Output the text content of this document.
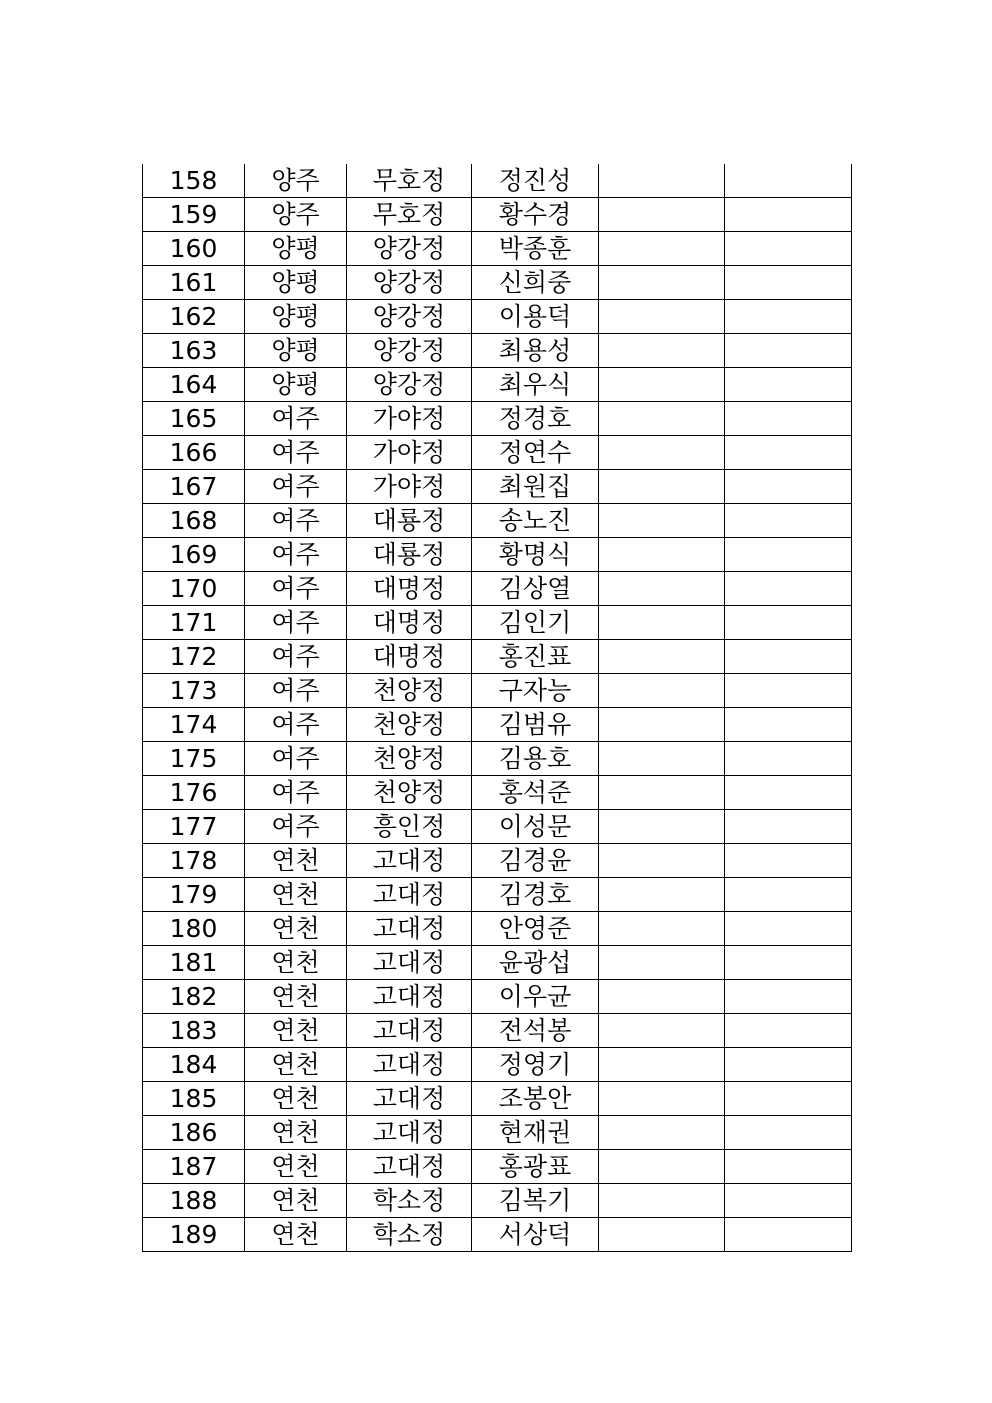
158	양주	무호정	정진성		
159	양주	무호정	황수경		
160	양평	양강정	박종훈		
161	양평	양강정	신희중		
162	양평	양강정	이용덕		
163	양평	양강정	최용성		
164	양평	양강정	최우식		
165	여주	가야정	정경호		
166	여주	가야정	정연수		
167	여주	가야정	최원집		
168	여주	대룡정	송노진		
169	여주	대룡정	황명식		
170	여주	대명정	김상열		
171	여주	대명정	김인기		
172	여주	대명정	홍진표		
173	여주	천양정	구자능		
174	여주	천양정	김범유		
175	여주	천양정	김용호		
176	여주	천양정	홍석준		
177	여주	흥인정	이성문		
178	연천	고대정	김경윤		
179	연천	고대정	김경호		
180	연천	고대정	안영준		
181	연천	고대정	윤광섭		
182	연천	고대정	이우균		
183	연천	고대정	전석봉		
184	연천	고대정	정영기		
185	연천	고대정	조봉안		
186	연천	고대정	현재권		
187	연천	고대정	홍광표		
188	연천	학소정	김복기		
189	연천	학소정	서상덕		
